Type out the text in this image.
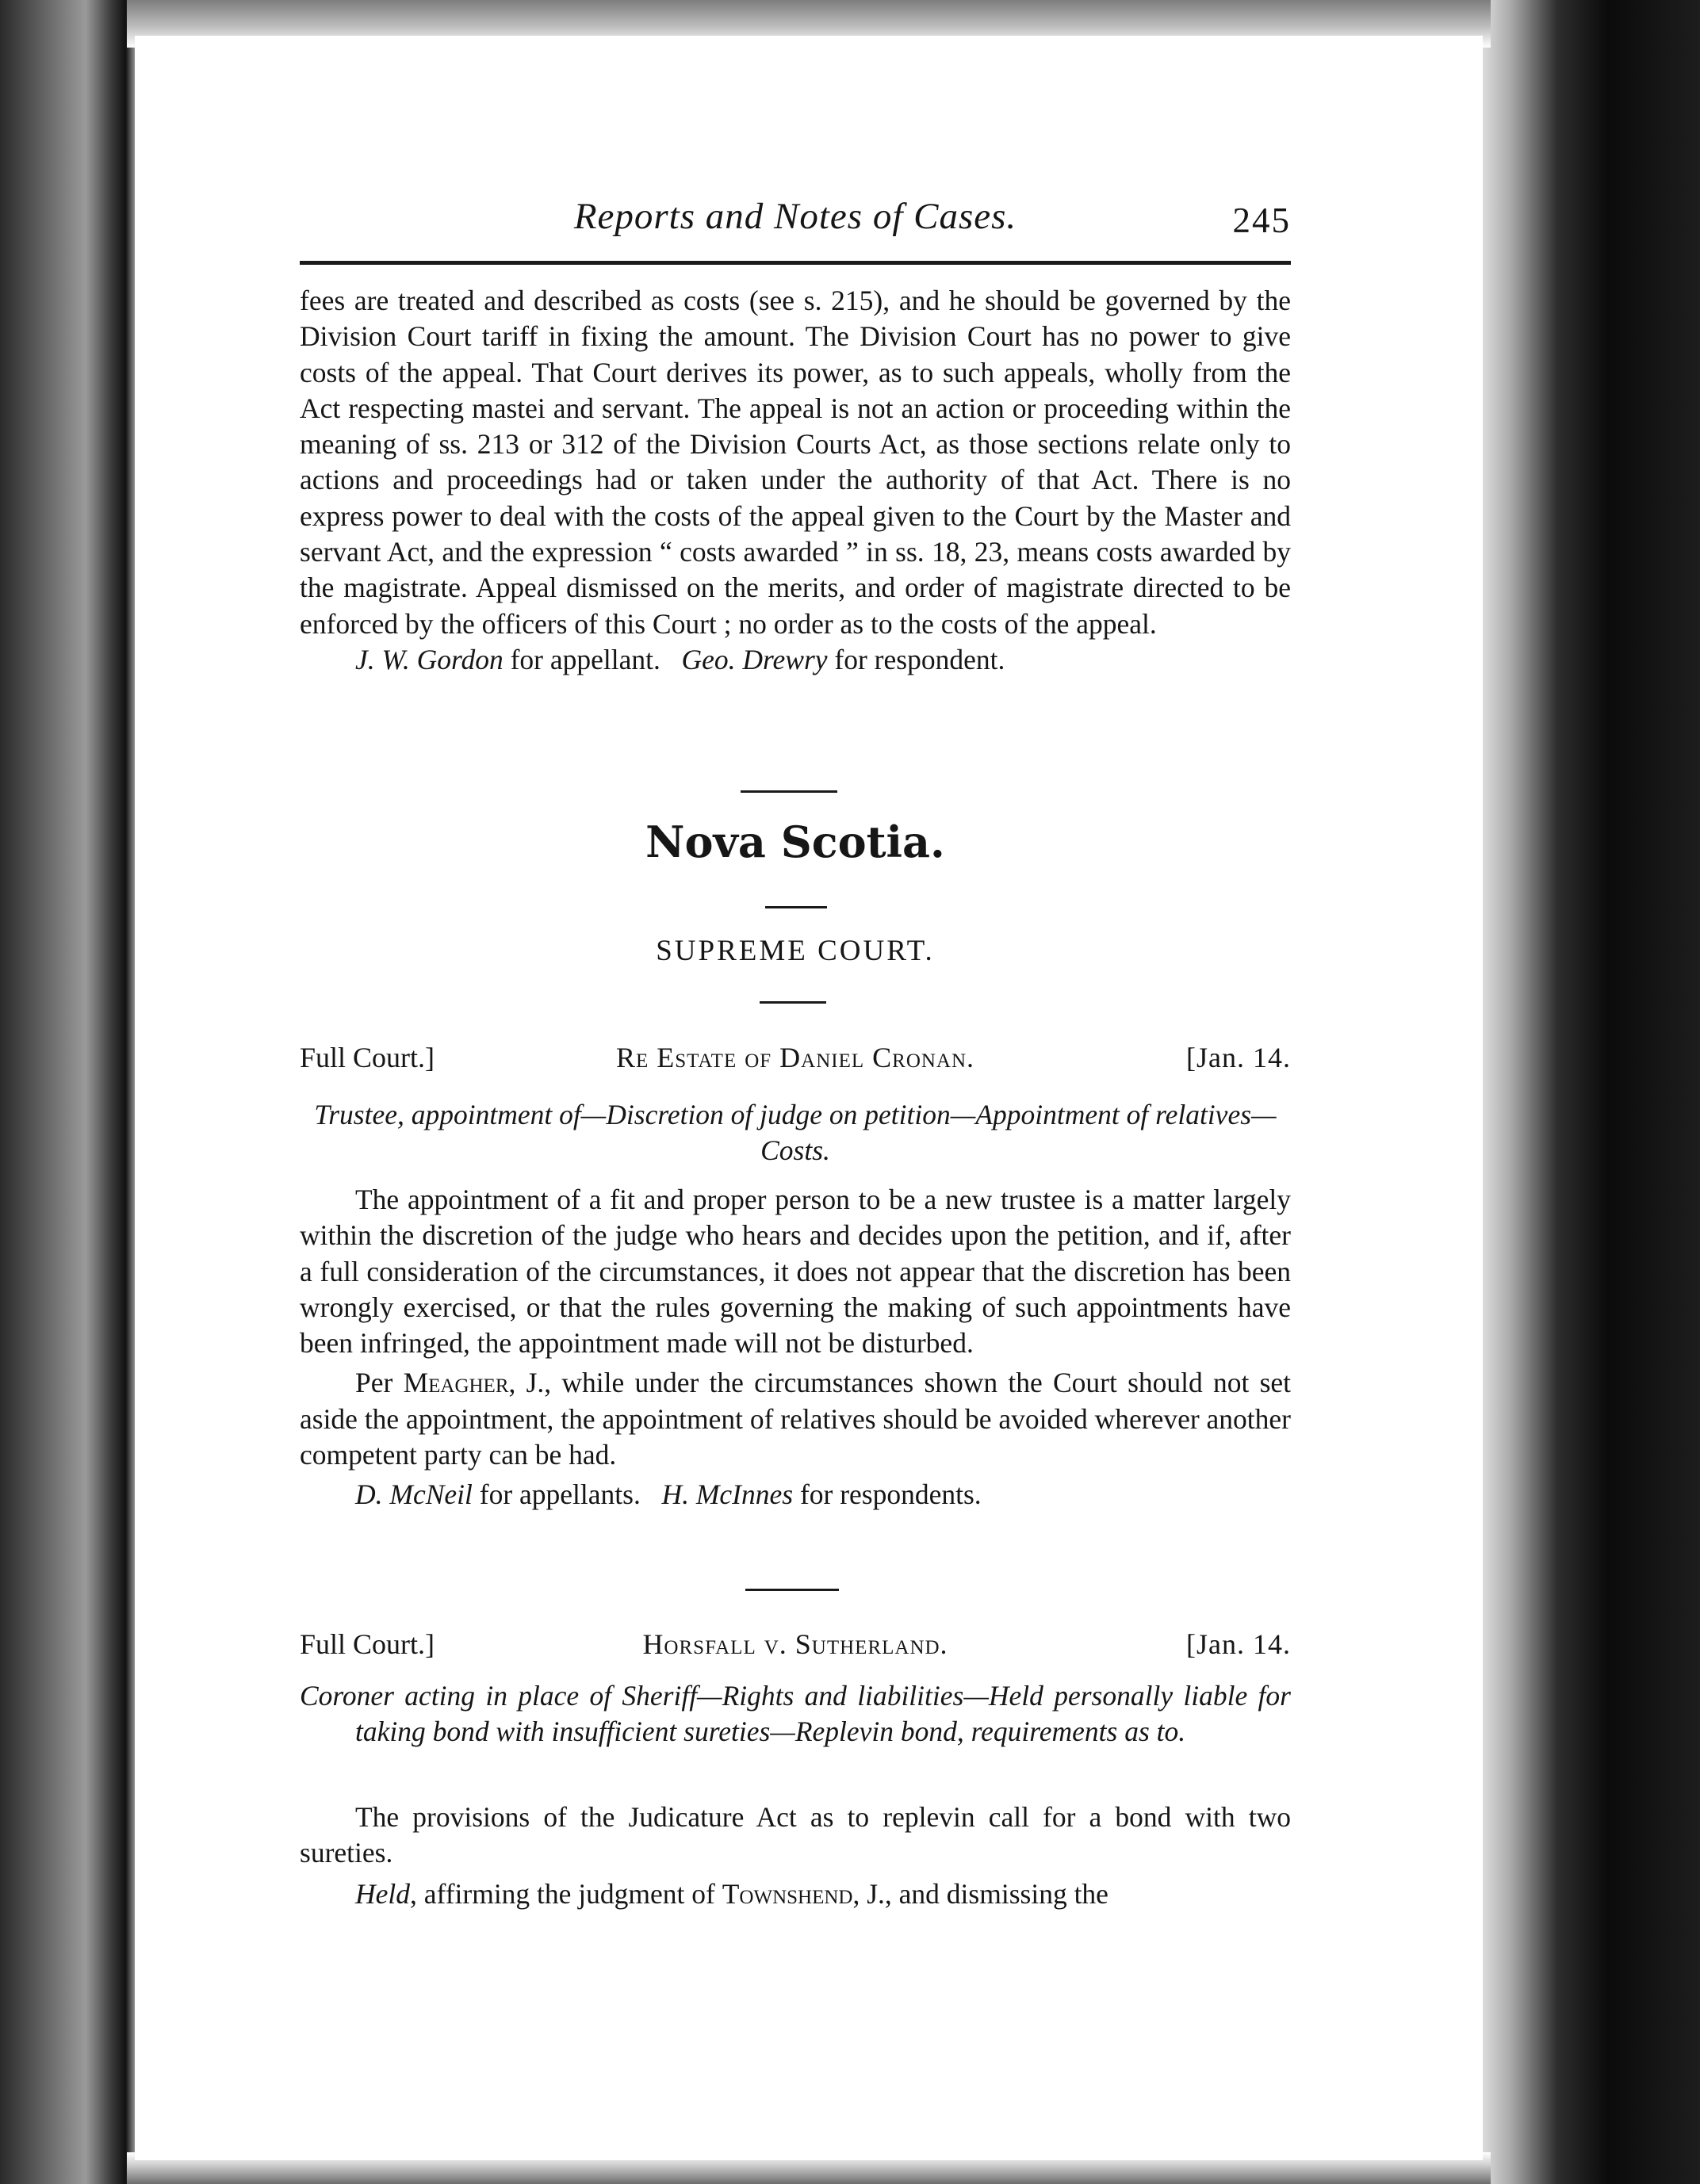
Reports and Notes of Cases.	245

fees are treated and described as costs (see s. 215), and he should be governed by the Division Court tariff in fixing the amount. The Division Court has no power to give costs of the appeal. That Court derives its power, as to such appeals, wholly from the Act respecting mastei and servant. The appeal is not an action or proceeding within the meaning of ss. 213 or 312 of the Division Courts Act, as those sections relate only to actions and proceedings had or taken under the authority of that Act. There is no express power to deal with the costs of the appeal given to the Court by the Master and servant Act, and the expression “ costs awarded ” in ss. 18, 23, means costs awarded by the magistrate. Appeal dismissed on the merits, and order of magistrate directed to be enforced by the officers of this Court ; no order as to the costs of the appeal.

J. W. Gordon for appellant. Geo. Drewry for respondent.

Nova Scotia.
SUPREME COURT.
Full Court.]	Re Estate of Daniel Cronan.	[Jan. 14.
Trustee, appointment of—Discretion of judge on petition—Appointment of relatives—Costs.

The appointment of a fit and proper person to be a new trustee is a matter largely within the discretion of the judge who hears and decides upon the petition, and if, after a full consideration of the circumstances, it does not appear that the discretion has been wrongly exercised, or that the rules governing the making of such appointments have been infringed, the appointment made will not be disturbed.

Per Meagher, J., while under the circumstances shown the Court should not set aside the appointment, the appointment of relatives should be avoided wherever another competent party can be had.

D. McNeil for appellants. H. McInnes for respondents.

Full Court.]	Horsfall v. Sutherland.	[Jan. 14.
Coroner acting in place of Sheriff—Rights and liabilities—Held personally liable for taking bond with insufficient sureties—Replevin bond, requirements as to.

The provisions of the Judicature Act as to replevin call for a bond with two sureties.

Held, affirming the judgment of Townshend, J., and dismissing the
